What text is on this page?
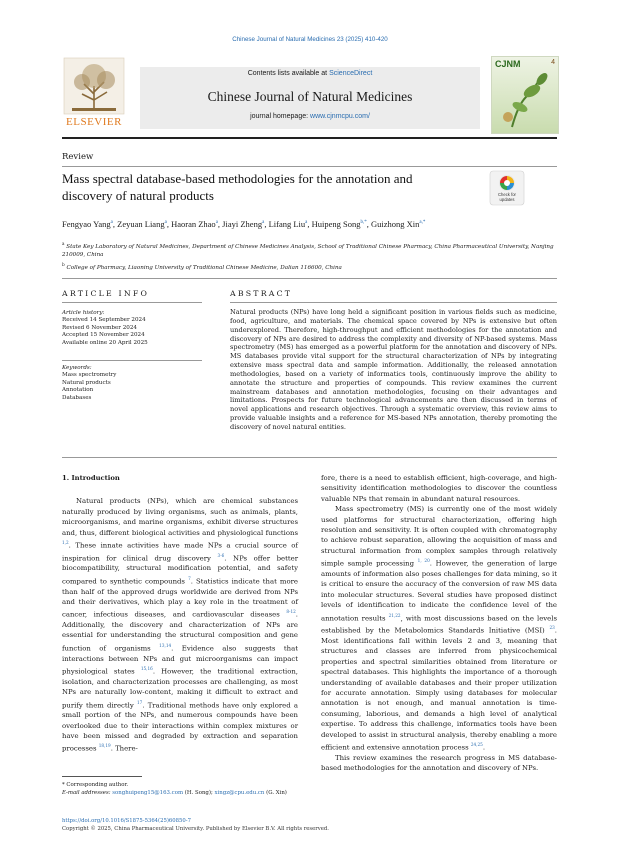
Chinese Journal of Natural Medicines 23 (2025) 410-420
ELSEVIER
Contents lists available at ScienceDirect
Chinese Journal of Natural Medicines
journal homepage: www.cjnmcpu.com/
CJNM	4
Review
Mass spectral database-based methodologies for the annotation and discovery of natural products	Check for updates
Fengyao Yang$^a$, Zeyuan Liang$^a$, Haoran Zhao$^a$, Jiayi Zheng$^a$, Lifang Liu$^a$, Huipeng Song$^{b,*}$, Guizhong Xin$^{a,*}$
$^a$ State Key Laboratory of Natural Medicines, Department of Chinese Medicines Analysis, School of Traditional Chinese Pharmacy, China Pharmaceutical University, Nanjing 210009, China
$^b$ College of Pharmacy, Liaoning University of Traditional Chinese Medicine, Dalian 116600, China
ARTICLE INFO	ABSTRACT
Article history:
Received 14 September 2024
Revised 6 November 2024
Accepted 15 November 2024
Available online 20 April 2025
Keywords:
Mass spectrometry
Natural products
Annotation
Databases
Natural products (NPs) have long held a significant position in various fields such as medicine, food, agriculture, and materials. The chemical space covered by NPs is extensive but often underexplored. Therefore, high-throughput and efficient methodologies for the annotation and discovery of NPs are desired to address the complexity and diversity of NP-based systems. Mass spectrometry (MS) has emerged as a powerful platform for the annotation and discovery of NPs. MS databases provide vital support for the structural characterization of NPs by integrating extensive mass spectral data and sample information. Additionally, the released annotation methodologies, based on a variety of informatics tools, continuously improve the ability to annotate the structure and properties of compounds. This review examines the current mainstream databases and annotation methodologies, focusing on their advantages and limitations. Prospects for future technological advancements are then discussed in terms of novel applications and research objectives. Through a systematic overview, this review aims to provide valuable insights and a reference for MS-based NPs annotation, thereby promoting the discovery of novel natural entities.
1. Introduction

Natural products (NPs), which are chemical substances naturally produced by living organisms, such as animals, plants, microorganisms, and marine organisms, exhibit diverse structures and, thus, different biological activities and physiological functions $^{1,2}$. These innate activities have made NPs a crucial source of inspiration for clinical drug discovery $^{3-6}$. NPs offer better biocompatibility, structural modification potential, and safety compared to synthetic compounds $^7$. Statistics indicate that more than half of the approved drugs worldwide are derived from NPs and their derivatives, which play a key role in the treatment of cancer, infectious diseases, and cardiovascular diseases $^{8-12}$. Additionally, the discovery and characterization of NPs are essential for understanding the structural composition and gene function of organisms $^{13,14}$. Evidence also suggests that interactions between NPs and gut microorganisms can impact physiological states $^{15,16}$. However, the traditional extraction, isolation, and characterization processes are challenging, as most NPs are naturally low-content, making it difficult to extract and purify them directly $^{17}$. Traditional methods have only explored a small portion of the NPs, and numerous compounds have been overlooked due to their interactions within complex mixtures or have been missed and degraded by extraction and separation processes $^{18,19}$. There-

fore, there is a need to establish efficient, high-coverage, and high-sensitivity identification methodologies to discover the countless valuable NPs that remain in abundant natural resources.

Mass spectrometry (MS) is currently one of the most widely used platforms for structural characterization, offering high resolution and sensitivity. It is often coupled with chromatography to achieve robust separation, allowing the acquisition of mass and structural information from complex samples through relatively simple sample processing $^{1, 20}$. However, the generation of large amounts of information also poses challenges for data mining, so it is critical to ensure the accuracy of the conversion of raw MS data into molecular structures. Several studies have proposed distinct levels of identification to indicate the confidence level of the annotation results $^{21,22}$, with most discussions based on the levels established by the Metabolomics Standards Initiative (MSI) $^{23}$. Most identifications fall within levels 2 and 3, meaning that structures and classes are inferred from physicochemical properties and spectral similarities obtained from literature or spectral databases. This highlights the importance of a thorough understanding of available databases and their proper utilization for accurate annotation. Simply using databases for molecular annotation is not enough, and manual annotation is time-consuming, laborious, and demands a high level of analytical expertise. To address this challenge, informatics tools have been developed to assist in structural analysis, thereby enabling a more efficient and extensive annotation process $^{24,25}$.

This review examines the research progress in MS database-based methodologies for the annotation and discovery of NPs.

* Corresponding author.
E-mail addresses: songhuipeng15@163.com (H. Song); xingz@cpu.edu.cn (G. Xin)
https://doi.org/10.1016/S1875-5364(25)60850-7
Copyright © 2025, China Pharmaceutical University. Published by Elsevier B.V. All rights reserved.
